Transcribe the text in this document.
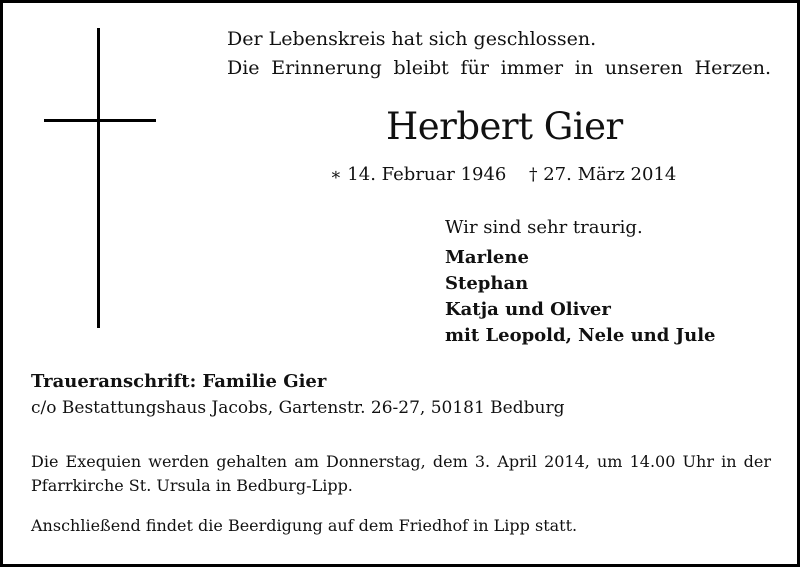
Der Lebenskreis hat sich geschlossen.
Die Erinnerung bleibt für immer in unseren Herzen.
Herbert Gier
∗ 14. Februar 1946 † 27. März 2014
Wir sind sehr traurig.
Marlene
Stephan
Katja und Oliver
mit Leopold, Nele und Jule
Traueranschrift: Familie Gier
c/o Bestattungshaus Jacobs, Gartenstr. 26-27, 50181 Bedburg
Die Exequien werden gehalten am Donnerstag, dem 3. April 2014, um 14.00 Uhr in der
Pfarrkirche St. Ursula in Bedburg-Lipp.
Anschließend findet die Beerdigung auf dem Friedhof in Lipp statt.
